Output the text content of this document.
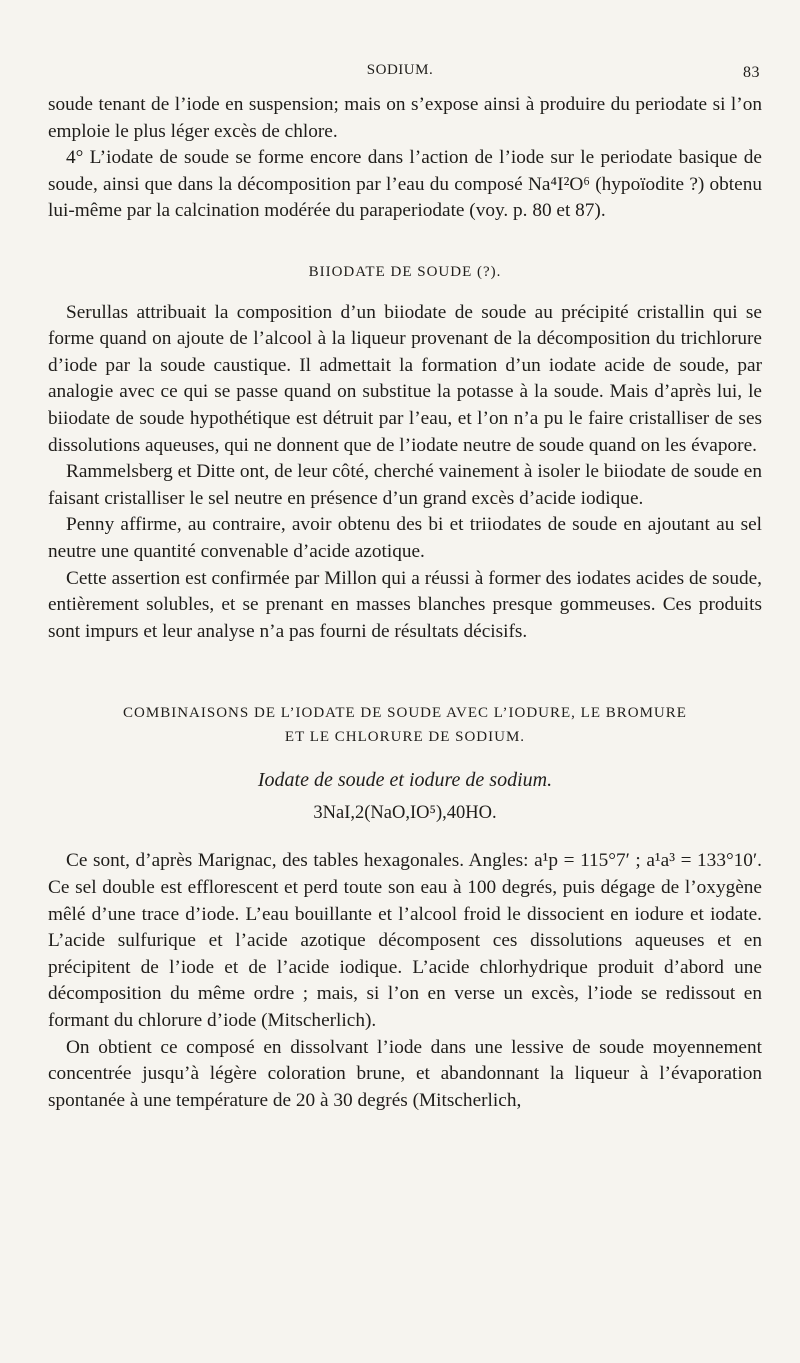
SODIUM.	83

soude tenant de l’iode en suspension; mais on s’expose ainsi à produire du periodate si l’on emploie le plus léger excès de chlore.

4° L’iodate de soude se forme encore dans l’action de l’iode sur le periodate basique de soude, ainsi que dans la décomposition par l’eau du composé Na⁴I²O⁶ (hypoïodite ?) obtenu lui-même par la calcination modérée du paraperiodate (voy. p. 80 et 87).

BIIODATE DE SOUDE (?).

Serullas attribuait la composition d’un biiodate de soude au précipité cristallin qui se forme quand on ajoute de l’alcool à la liqueur provenant de la décomposition du trichlorure d’iode par la soude caustique. Il admettait la formation d’un iodate acide de soude, par analogie avec ce qui se passe quand on substitue la potasse à la soude. Mais d’après lui, le biiodate de soude hypothétique est détruit par l’eau, et l’on n’a pu le faire cristalliser de ses dissolutions aqueuses, qui ne donnent que de l’iodate neutre de soude quand on les évapore.

Rammelsberg et Ditte ont, de leur côté, cherché vainement à isoler le biiodate de soude en faisant cristalliser le sel neutre en présence d’un grand excès d’acide iodique.

Penny affirme, au contraire, avoir obtenu des bi et triiodates de soude en ajoutant au sel neutre une quantité convenable d’acide azotique.

Cette assertion est confirmée par Millon qui a réussi à former des iodates acides de soude, entièrement solubles, et se prenant en masses blanches presque gommeuses. Ces produits sont impurs et leur analyse n’a pas fourni de résultats décisifs.

COMBINAISONS DE L’IODATE DE SOUDE AVEC L’IODURE, LE BROMURE
ET LE CHLORURE DE SODIUM.
Iodate de soude et iodure de sodium.
3NaI,2(NaO,IO⁵),40HO.

Ce sont, d’après Marignac, des tables hexagonales. Angles: a¹p = 115°7′ ; a¹a³ = 133°10′. Ce sel double est efflorescent et perd toute son eau à 100 degrés, puis dégage de l’oxygène mêlé d’une trace d’iode. L’eau bouillante et l’alcool froid le dissocient en iodure et iodate. L’acide sulfurique et l’acide azotique décomposent ces dissolutions aqueuses et en précipitent de l’iode et de l’acide iodique. L’acide chlorhydrique produit d’abord une décomposition du même ordre ; mais, si l’on en verse un excès, l’iode se redissout en formant du chlorure d’iode (Mitscherlich).

On obtient ce composé en dissolvant l’iode dans une lessive de soude moyennement concentrée jusqu’à légère coloration brune, et abandonnant la liqueur à l’évaporation spontanée à une température de 20 à 30 degrés (Mitscherlich,
